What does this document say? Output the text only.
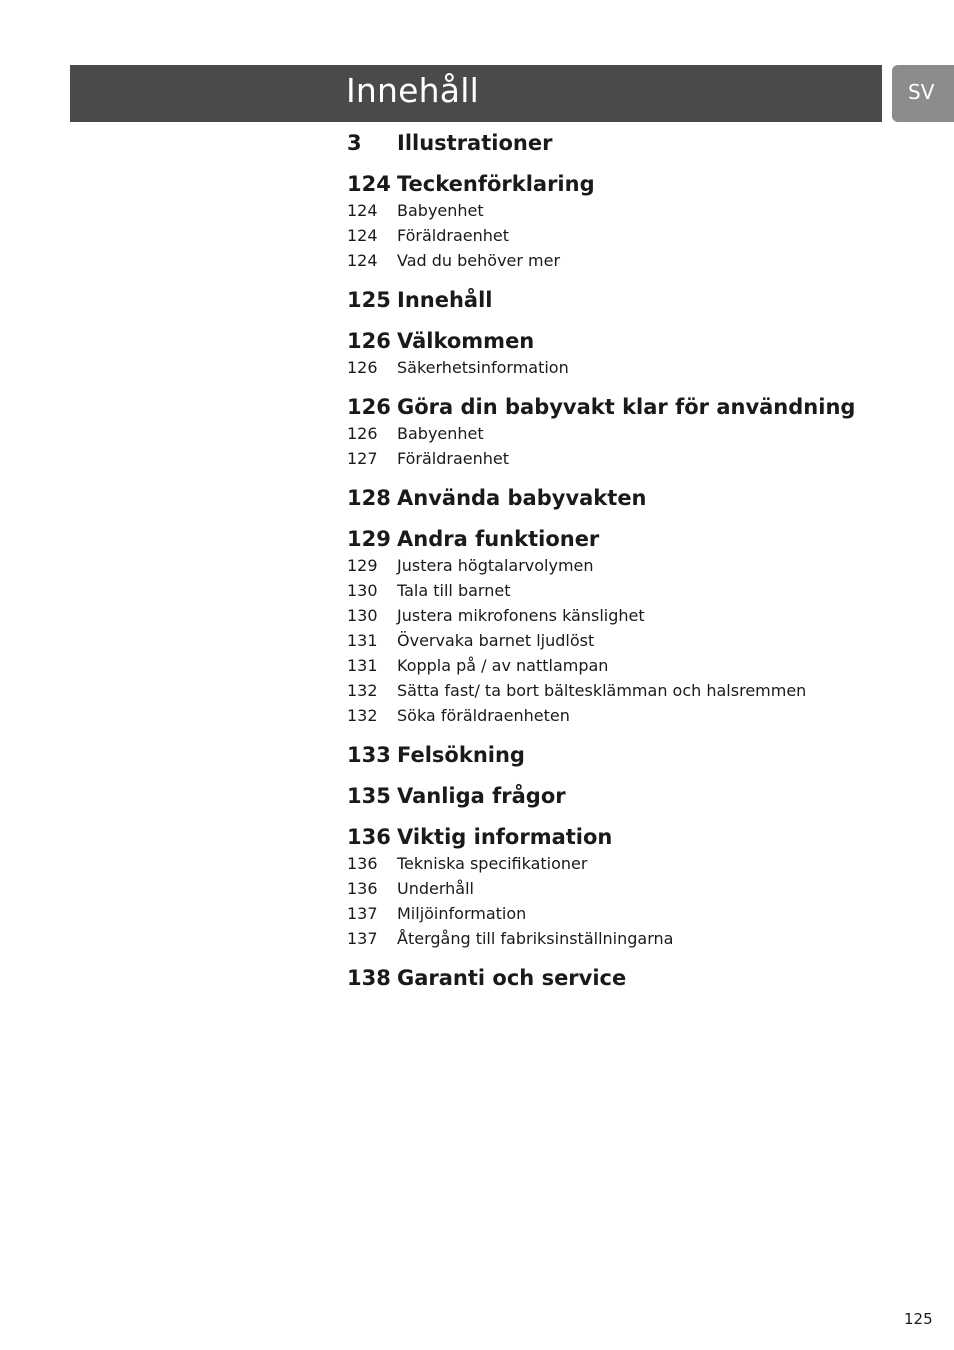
Innehåll	SV
3	Illustrationer
124 Teckenförklaring
124	Babyenhet
124	Föräldraenhet
124	Vad du behöver mer
125 Innehåll
126 Välkommen
126	Säkerhetsinformation
126 Göra din babyvakt klar för användning
126	Babyenhet
127	Föräldraenhet
128 Använda babyvakten
129 Andra funktioner
129	Justera högtalarvolymen
130	Tala till barnet
130	Justera mikrofonens känslighet
131	Övervaka barnet ljudlöst
131	Koppla på / av nattlampan
132	Sätta fast/ ta bort bältesklämman och halsremmen
132	Söka föräldraenheten
133 Felsökning
135 Vanliga frågor
136 Viktig information
136	Tekniska specifikationer
136	Underhåll
137	Miljöinformation
137	Återgång till fabriksinställningarna
138 Garanti och service
125
